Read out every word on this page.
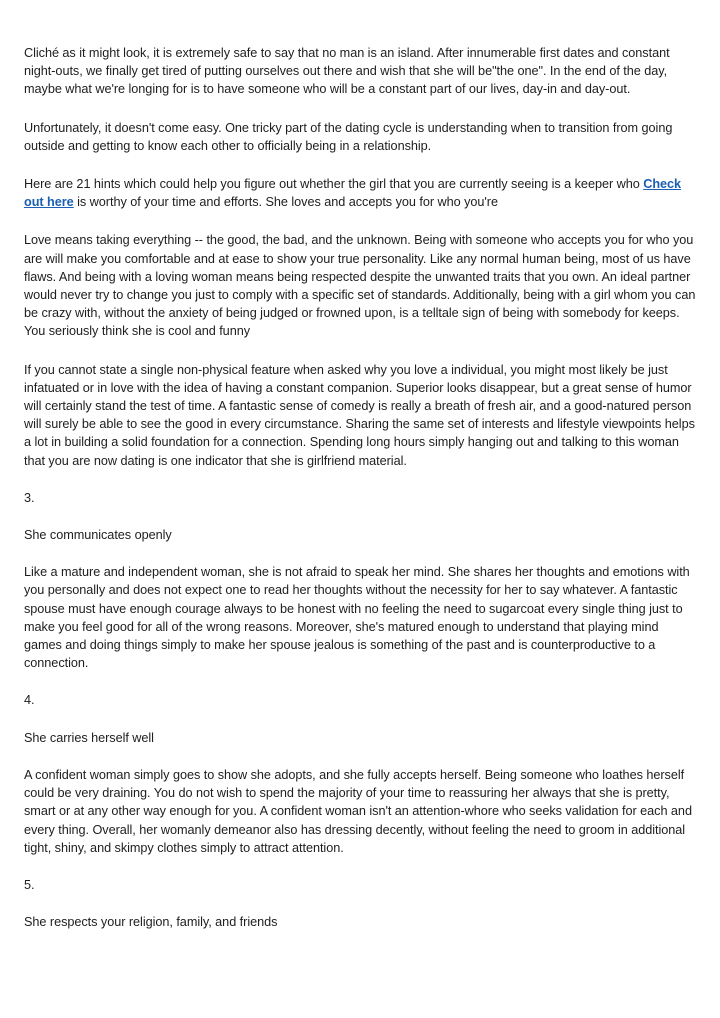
Cliché as it might look, it is extremely safe to say that no man is an island. After innumerable first dates and constant night-outs, we finally get tired of putting ourselves out there and wish that she will be"the one". In the end of the day, maybe what we're longing for is to have someone who will be a constant part of our lives, day-in and day-out.

Unfortunately, it doesn't come easy. One tricky part of the dating cycle is understanding when to transition from going outside and getting to know each other to officially being in a relationship.

Here are 21 hints which could help you figure out whether the girl that you are currently seeing is a keeper who Check out here is worthy of your time and efforts. She loves and accepts you for who you're

Love means taking everything -- the good, the bad, and the unknown. Being with someone who accepts you for who you are will make you comfortable and at ease to show your true personality. Like any normal human being, most of us have flaws. And being with a loving woman means being respected despite the unwanted traits that you own. An ideal partner would never try to change you just to comply with a specific set of standards. Additionally, being with a girl whom you can be crazy with, without the anxiety of being judged or frowned upon, is a telltale sign of being with somebody for keeps. You seriously think she is cool and funny

If you cannot state a single non-physical feature when asked why you love a individual, you might most likely be just infatuated or in love with the idea of having a constant companion. Superior looks disappear, but a great sense of humor will certainly stand the test of time. A fantastic sense of comedy is really a breath of fresh air, and a good-natured person will surely be able to see the good in every circumstance. Sharing the same set of interests and lifestyle viewpoints helps a lot in building a solid foundation for a connection. Spending long hours simply hanging out and talking to this woman that you are now dating is one indicator that she is girlfriend material.

3.

She communicates openly

Like a mature and independent woman, she is not afraid to speak her mind. She shares her thoughts and emotions with you personally and does not expect one to read her thoughts without the necessity for her to say whatever. A fantastic spouse must have enough courage always to be honest with no feeling the need to sugarcoat every single thing just to make you feel good for all of the wrong reasons. Moreover, she's matured enough to understand that playing mind games and doing things simply to make her spouse jealous is something of the past and is counterproductive to a connection.

4.

She carries herself well

A confident woman simply goes to show she adopts, and she fully accepts herself. Being someone who loathes herself could be very draining. You do not wish to spend the majority of your time to reassuring her always that she is pretty, smart or at any other way enough for you. A confident woman isn't an attention-whore who seeks validation for each and every thing. Overall, her womanly demeanor also has dressing decently, without feeling the need to groom in additional tight, shiny, and skimpy clothes simply to attract attention.

5.

She respects your religion, family, and friends
